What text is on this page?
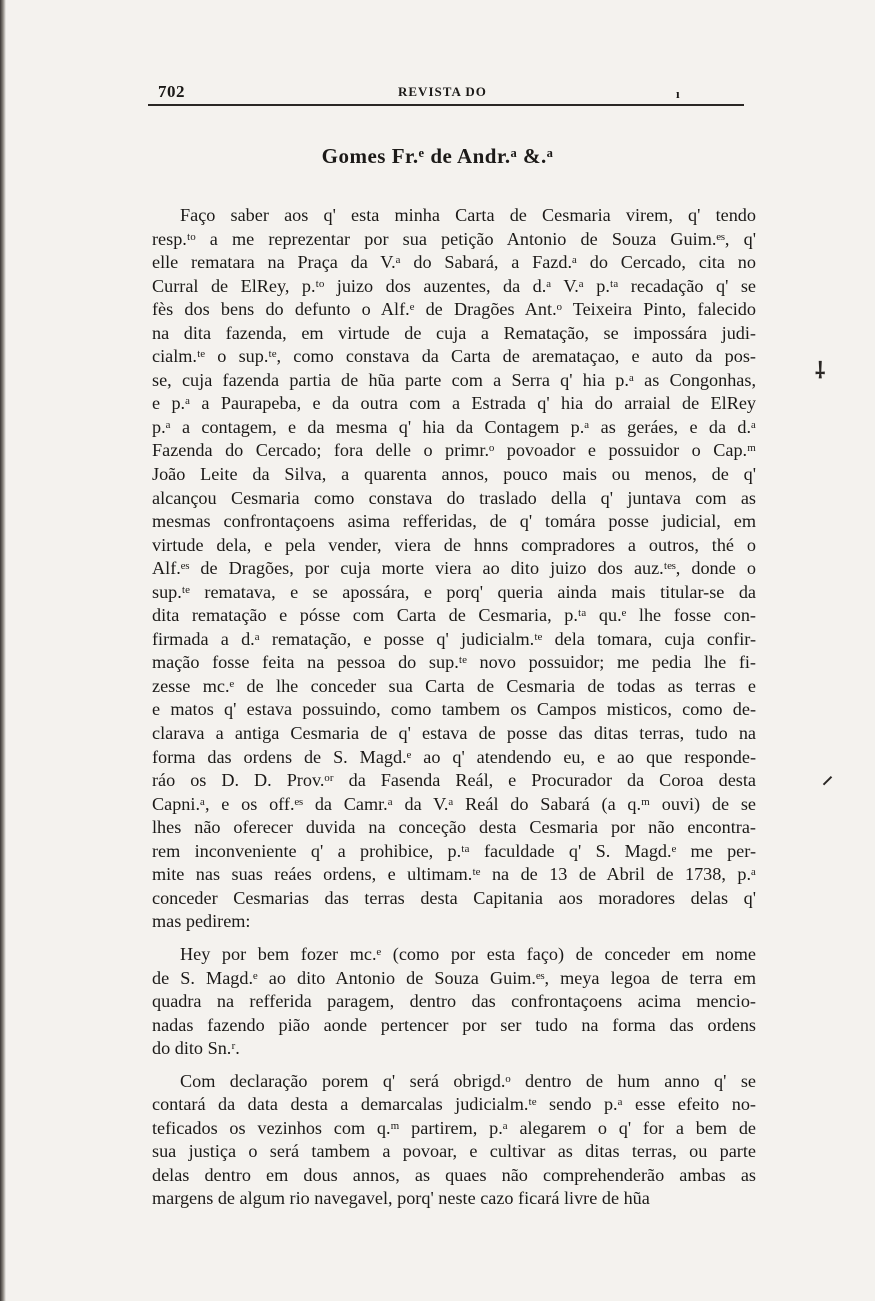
702	REVISTA DO	ı
Gomes Fr.ᵉ de Andr.ᵃ &.ᵃ
Faço saber aos q' esta minha Carta de Cesmaria virem, q' tendo
resp.ᵗᵒ a me reprezentar por sua petição Antonio de Souza Guim.ᵉˢ, q'
elle rematara na Praça da V.ᵃ do Sabará, a Fazd.ᵃ do Cercado, cita no
Curral de ElRey, p.ᵗᵒ juizo dos auzentes, da d.ᵃ V.ᵃ p.ᵗᵃ recadação q' se
fès dos bens do defunto o Alf.ᵉ de Dragões Ant.ᵒ Teixeira Pinto, falecido
na dita fazenda, em virtude de cuja a Rematação, se impossára judi-
cialm.ᵗᵉ o sup.ᵗᵉ, como constava da Carta de aremataçao, e auto da pos-
se, cuja fazenda partia de hũa parte com a Serra q' hia p.ᵃ as Congonhas,
e p.ᵃ a Paurapeba, e da outra com a Estrada q' hia do arraial de ElRey
p.ᵃ a contagem, e da mesma q' hia da Contagem p.ᵃ as geráes, e da d.ᵃ
Fazenda do Cercado; fora delle o primr.ᵒ povoador e possuidor o Cap.ᵐ
João Leite da Silva, a quarenta annos, pouco mais ou menos, de q'
alcançou Cesmaria como constava do traslado della q' juntava com as
mesmas confrontaçoens asima refferidas, de q' tomára posse judicial, em
virtude dela, e pela vender, viera de hnns compradores a outros, thé o
Alf.ᵉˢ de Dragões, por cuja morte viera ao dito juizo dos auz.ᵗᵉˢ, donde o
sup.ᵗᵉ rematava, e se apossára, e porq' queria ainda mais titular-se da
dita rematação e pósse com Carta de Cesmaria, p.ᵗᵃ qu.ᵉ lhe fosse con-
firmada a d.ᵃ rematação, e posse q' judicialm.ᵗᵉ dela tomara, cuja confir-
mação fosse feita na pessoa do sup.ᵗᵉ novo possuidor; me pedia lhe fi-
zesse mc.ᵉ de lhe conceder sua Carta de Cesmaria de todas as terras e
e matos q' estava possuindo, como tambem os Campos misticos, como de-
clarava a antiga Cesmaria de q' estava de posse das ditas terras, tudo na
forma das ordens de S. Magd.ᵉ ao q' atendendo eu, e ao que responde-
ráo os D. D. Prov.ᵒʳ da Fasenda Reál, e Procurador da Coroa desta
Capni.ᵃ, e os off.ᵉˢ da Camr.ᵃ da V.ᵃ Reál do Sabará (a q.ᵐ ouvi) de se
lhes não oferecer duvida na conceção desta Cesmaria por não encontra-
rem inconveniente q' a prohibice, p.ᵗᵃ faculdade q' S. Magd.ᵉ me per-
mite nas suas reáes ordens, e ultimam.ᵗᵉ na de 13 de Abril de 1738, p.ᵃ
conceder Cesmarias das terras desta Capitania aos moradores delas q'
mas pedirem:
Hey por bem fozer mc.ᵉ (como por esta faço) de conceder em nome
de S. Magd.ᵉ ao dito Antonio de Souza Guim.ᵉˢ, meya legoa de terra em
quadra na refferida paragem, dentro das confrontaçoens acima mencio-
nadas fazendo pião aonde pertencer por ser tudo na forma das ordens
do dito Sn.ʳ.
Com declaração porem q' será obrigd.ᵒ dentro de hum anno q' se
contará da data desta a demarcalas judicialm.ᵗᵉ sendo p.ᵃ esse efeito no-
teficados os vezinhos com q.ᵐ partirem, p.ᵃ alegarem o q' for a bem de
sua justiça o será tambem a povoar, e cultivar as ditas terras, ou parte
delas dentro em dous annos, as quaes não comprehenderão ambas as
margens de algum rio navegavel, porq' neste cazo ficará livre de hũa
⸸
⸝
